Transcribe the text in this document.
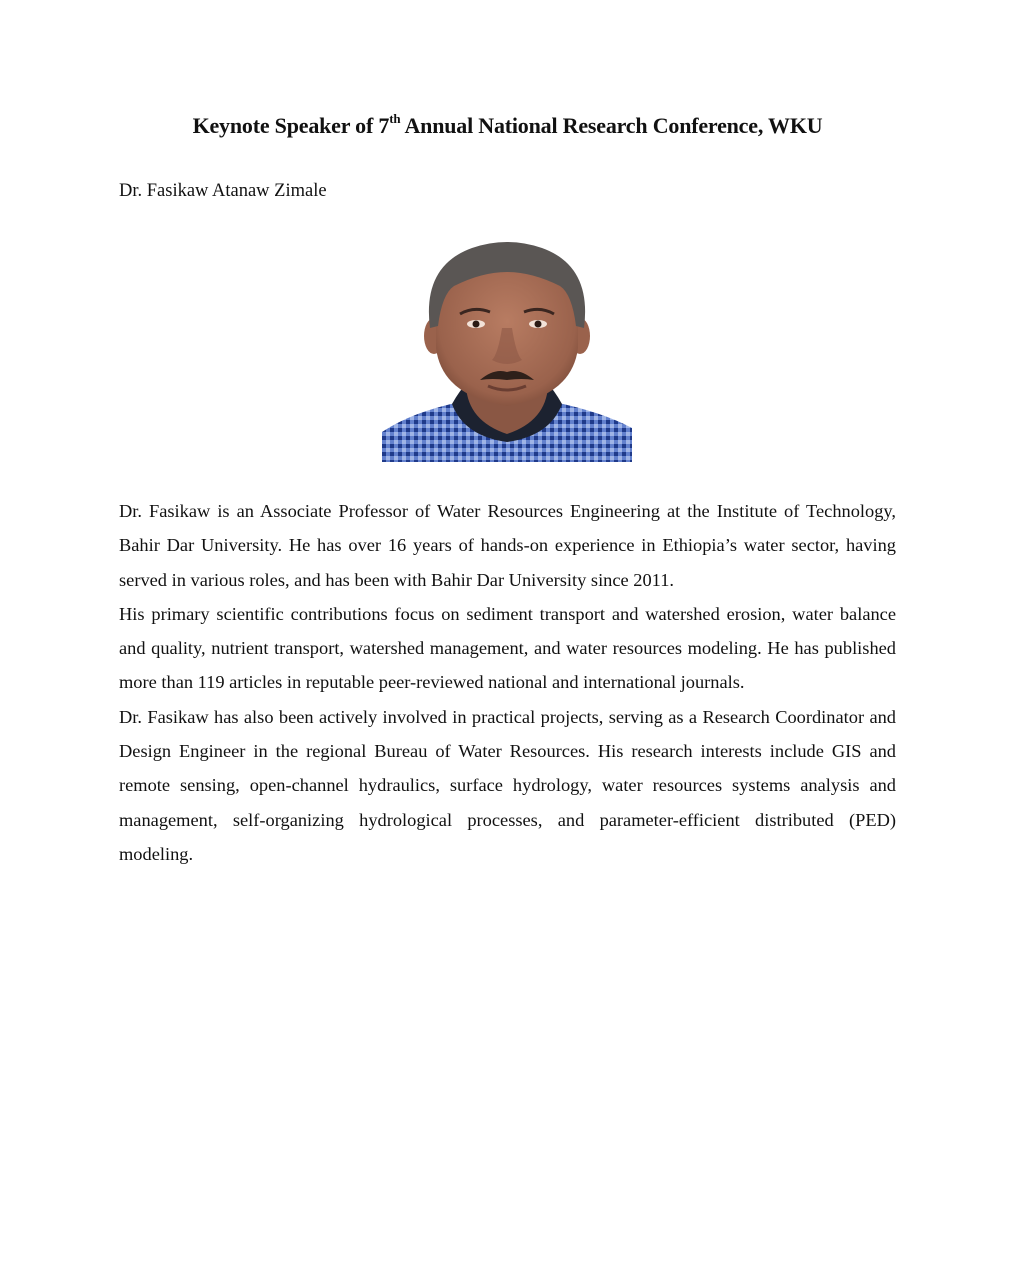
Keynote Speaker of 7th Annual National Research Conference, WKU
Dr. Fasikaw Atanaw Zimale

Dr. Fasikaw is an Associate Professor of Water Resources Engineering at the Institute of Technology, Bahir Dar University. He has over 16 years of hands-on experience in Ethiopia’s water sector, having served in various roles, and has been with Bahir Dar University since 2011.

His primary scientific contributions focus on sediment transport and watershed erosion, water balance and quality, nutrient transport, watershed management, and water resources modeling. He has published more than 119 articles in reputable peer-reviewed national and international journals.

Dr. Fasikaw has also been actively involved in practical projects, serving as a Research Coordinator and Design Engineer in the regional Bureau of Water Resources. His research interests include GIS and remote sensing, open-channel hydraulics, surface hydrology, water resources systems analysis and management, self-organizing hydrological processes, and parameter-efficient distributed (PED) modeling.
